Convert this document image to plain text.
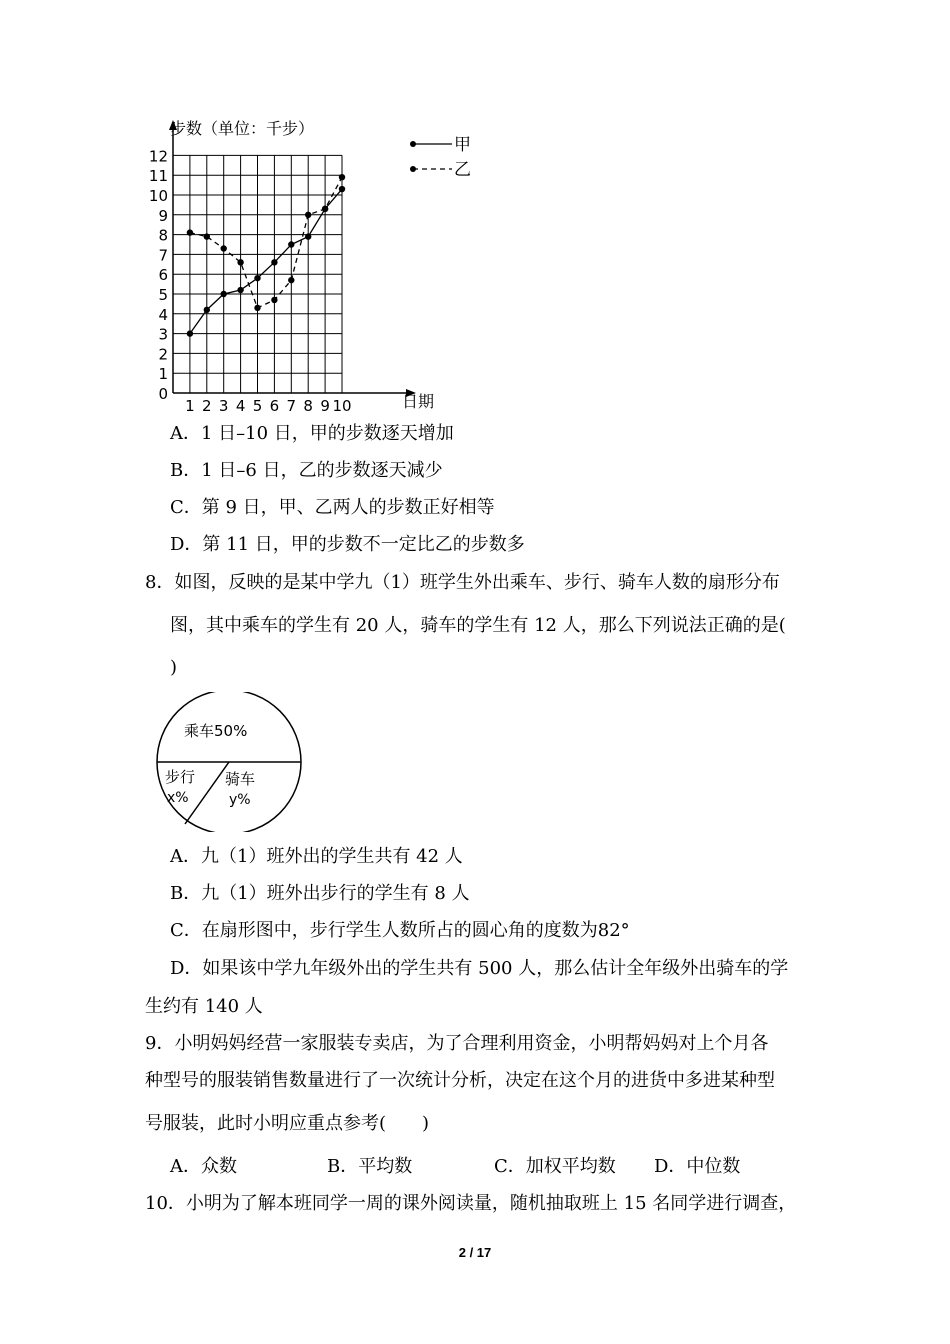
步数（单位：千步）
日期
0
1
2
3
4
5
6
7
8
9
10
11
12
1 2 3 4 5 6 7 8 9 10
甲
乙
A．1 日–10 日，甲的步数逐天增加
B．1 日–6 日，乙的步数逐天减少
C．第 9 日，甲、乙两人的步数正好相等
D．第 11 日，甲的步数不一定比乙的步数多
8．如图，反映的是某中学九（1）班学生外出乘车、步行、骑车人数的扇形分布
图，其中乘车的学生有 20 人，骑车的学生有 12 人，那么下列说法正确的是(
)
乘车50%
步行
x%
骑车
y%
A．九（1）班外出的学生共有 42 人
B．九（1）班外出步行的学生有 8 人
C．在扇形图中，步行学生人数所占的圆心角的度数为82°
D．如果该中学九年级外出的学生共有 500 人，那么估计全年级外出骑车的学
生约有 140 人
9．小明妈妈经营一家服装专卖店，为了合理利用资金，小明帮妈妈对上个月各
种型号的服装销售数量进行了一次统计分析，决定在这个月的进货中多进某种型
号服装，此时小明应重点参考(　　)
A．众数	B．平均数	C．加权平均数 D．中位数
10．小明为了解本班同学一周的课外阅读量，随机抽取班上 15 名同学进行调查，
2 / 17
